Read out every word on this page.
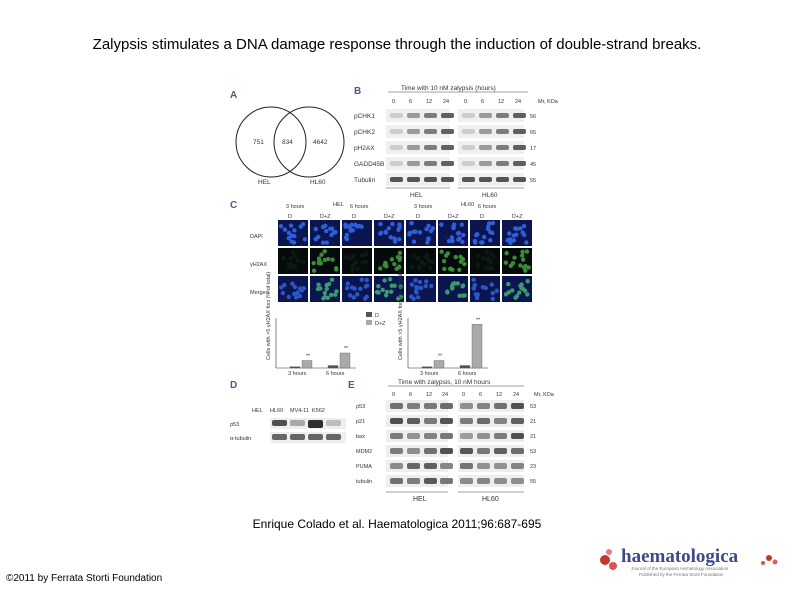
Zalypsis stimulates a DNA damage response through the induction of double-strand breaks.
A
751	834	4642
HEL	HL60
B	Time with 10 nM zalypsis (hours)
0	6	12 24	0	6	12 24	Mr, KDa
pCHK1	56
pCHK2	65
pH2AX	17
GADD45B	45
Tubulin	55
HEL	HL60
C	HEL	HL60
3 hours	6 hours	3 hours	6 hours
D	D+Z	D	D+Z	D	D+Z	D	D+Z
DAPI
γH2AX
Merged
D
D+Z
Cells with >5 γH2AX foci (% of total)	Cells with >5 γH2AX foci (% of total)
**
3 hours
**
6 hours
**
3 hours
**
6 hours
D
HEL HL60 MV4-11 K562
p53
α-tubulin
E	Time with zalypsis, 10 nM hours
0	6	12 24	0	6	12 24	Mr, KDa
p53	53
p21	21
bax	21
MDM2	53
PUMA	23
tubulin	55
HEL	HL60
Enrique Colado et al. Haematologica 2011;96:687-695
©2011 by Ferrata Storti Foundation
haematologica
Journal of the European Hematology Association
Published by the Ferrata Storti Foundation
